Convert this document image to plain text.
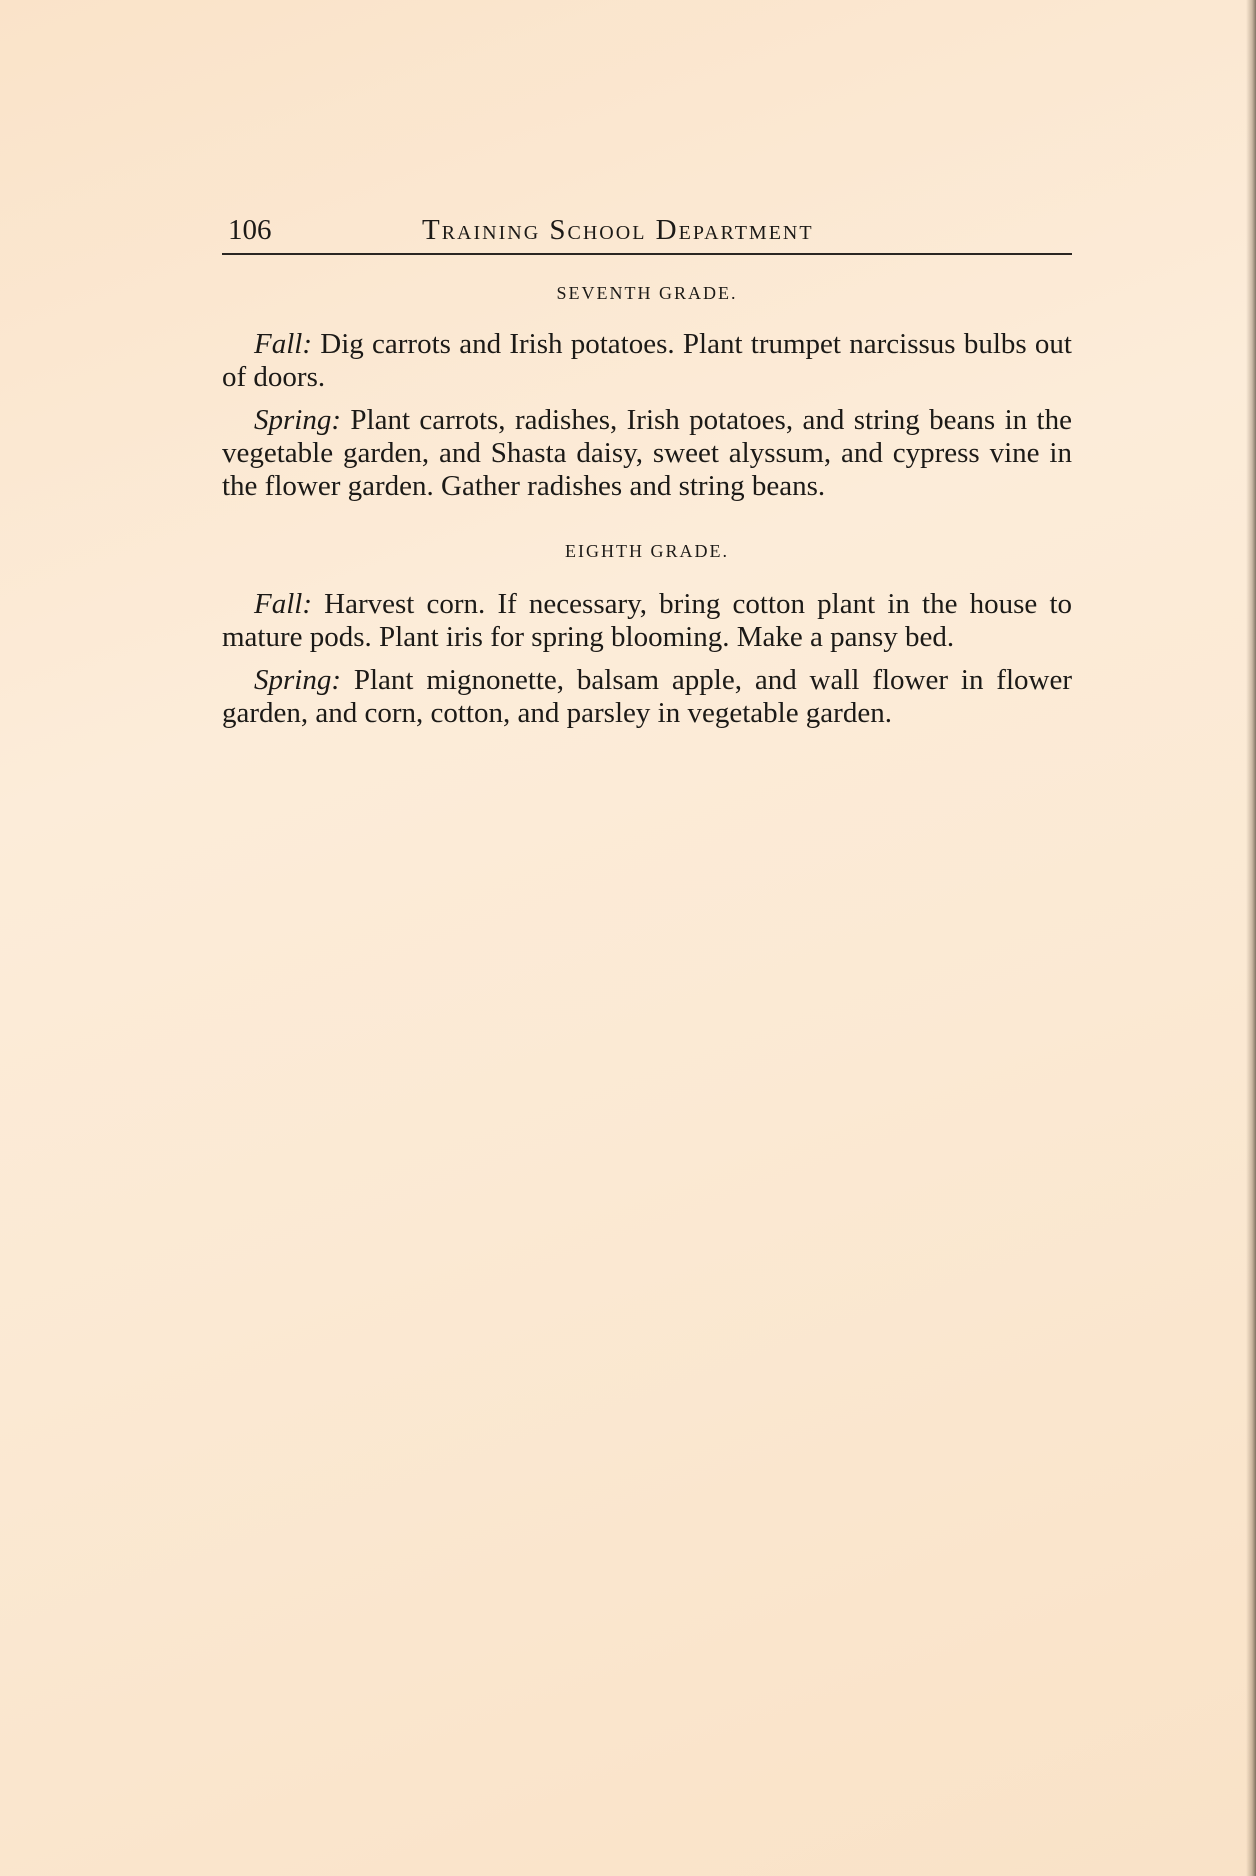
106	Training School Department

SEVENTH GRADE.

Fall: Dig carrots and Irish potatoes. Plant trumpet narcissus bulbs out of doors.

Spring: Plant carrots, radishes, Irish potatoes, and string beans in the vegetable garden, and Shasta daisy, sweet alyssum, and cypress vine in the flower garden. Gather radishes and string beans.

EIGHTH GRADE.

Fall: Harvest corn. If necessary, bring cotton plant in the house to mature pods. Plant iris for spring blooming. Make a pansy bed.

Spring: Plant mignonette, balsam apple, and wall flower in flower garden, and corn, cotton, and parsley in vegetable garden.
